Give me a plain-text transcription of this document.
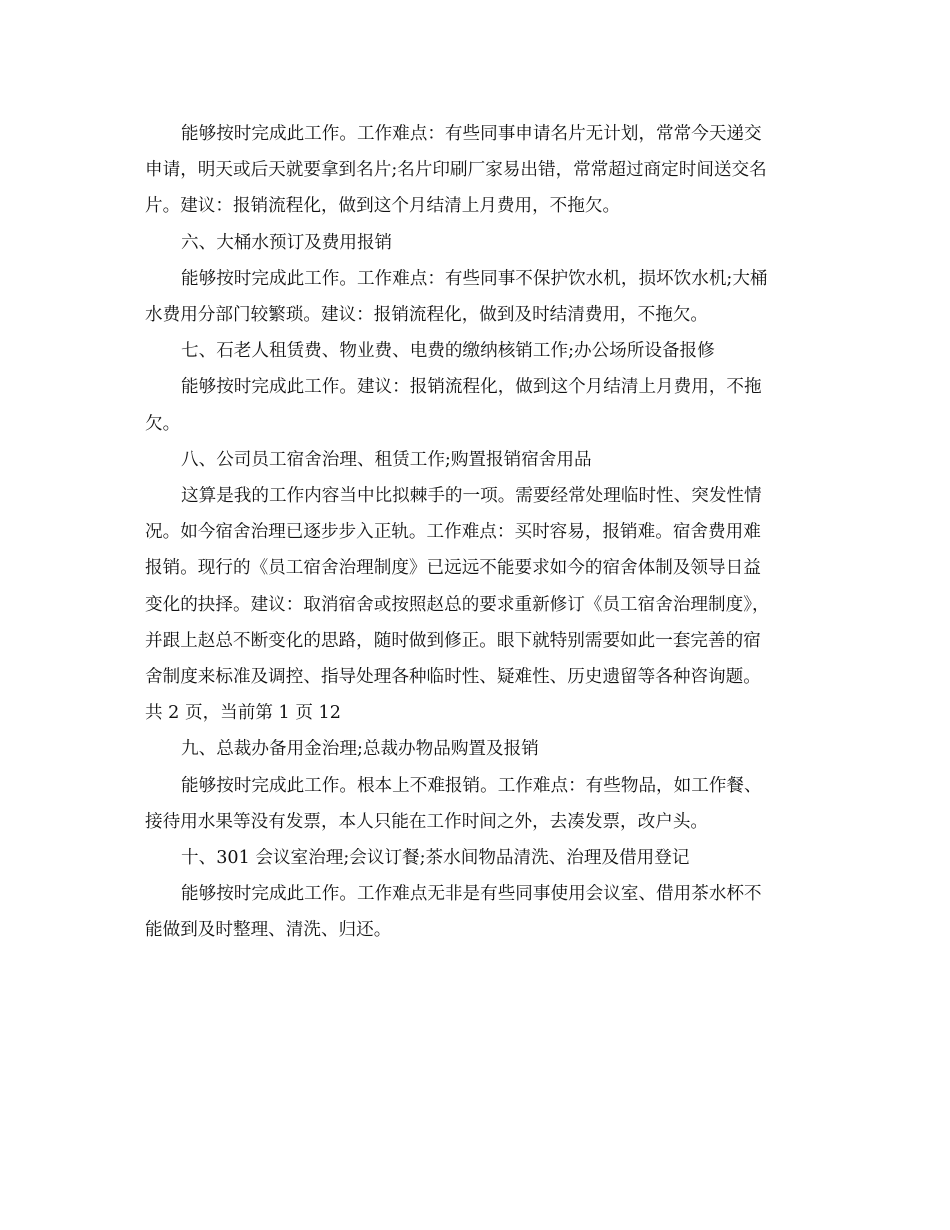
能够按时完成此工作。工作难点：有些同事申请名片无计划，常常今天递交

申请，明天或后天就要拿到名片;名片印刷厂家易出错，常常超过商定时间送交名

片。建议：报销流程化，做到这个月结清上月费用，不拖欠。

六、大桶水预订及费用报销

能够按时完成此工作。工作难点：有些同事不保护饮水机，损坏饮水机;大桶

水费用分部门较繁琐。建议：报销流程化，做到及时结清费用，不拖欠。

七、石老人租赁费、物业费、电费的缴纳核销工作;办公场所设备报修

能够按时完成此工作。建议：报销流程化，做到这个月结清上月费用，不拖

欠。

八、公司员工宿舍治理、租赁工作;购置报销宿舍用品

这算是我的工作内容当中比拟棘手的一项。需要经常处理临时性、突发性情

况。如今宿舍治理已逐步步入正轨。工作难点：买时容易，报销难。宿舍费用难

报销。现行的《员工宿舍治理制度》已远远不能要求如今的宿舍体制及领导日益

变化的抉择。建议：取消宿舍或按照赵总的要求重新修订《员工宿舍治理制度》，

并跟上赵总不断变化的思路，随时做到修正。眼下就特别需要如此一套完善的宿

舍制度来标准及调控、指导处理各种临时性、疑难性、历史遗留等各种咨询题。

共 2 页，当前第 1 页 12

九、总裁办备用金治理;总裁办物品购置及报销

能够按时完成此工作。根本上不难报销。工作难点：有些物品，如工作餐、

接待用水果等没有发票，本人只能在工作时间之外，去凑发票，改户头。

十、301 会议室治理;会议订餐;茶水间物品清洗、治理及借用登记

能够按时完成此工作。工作难点无非是有些同事使用会议室、借用茶水杯不

能做到及时整理、清洗、归还。
